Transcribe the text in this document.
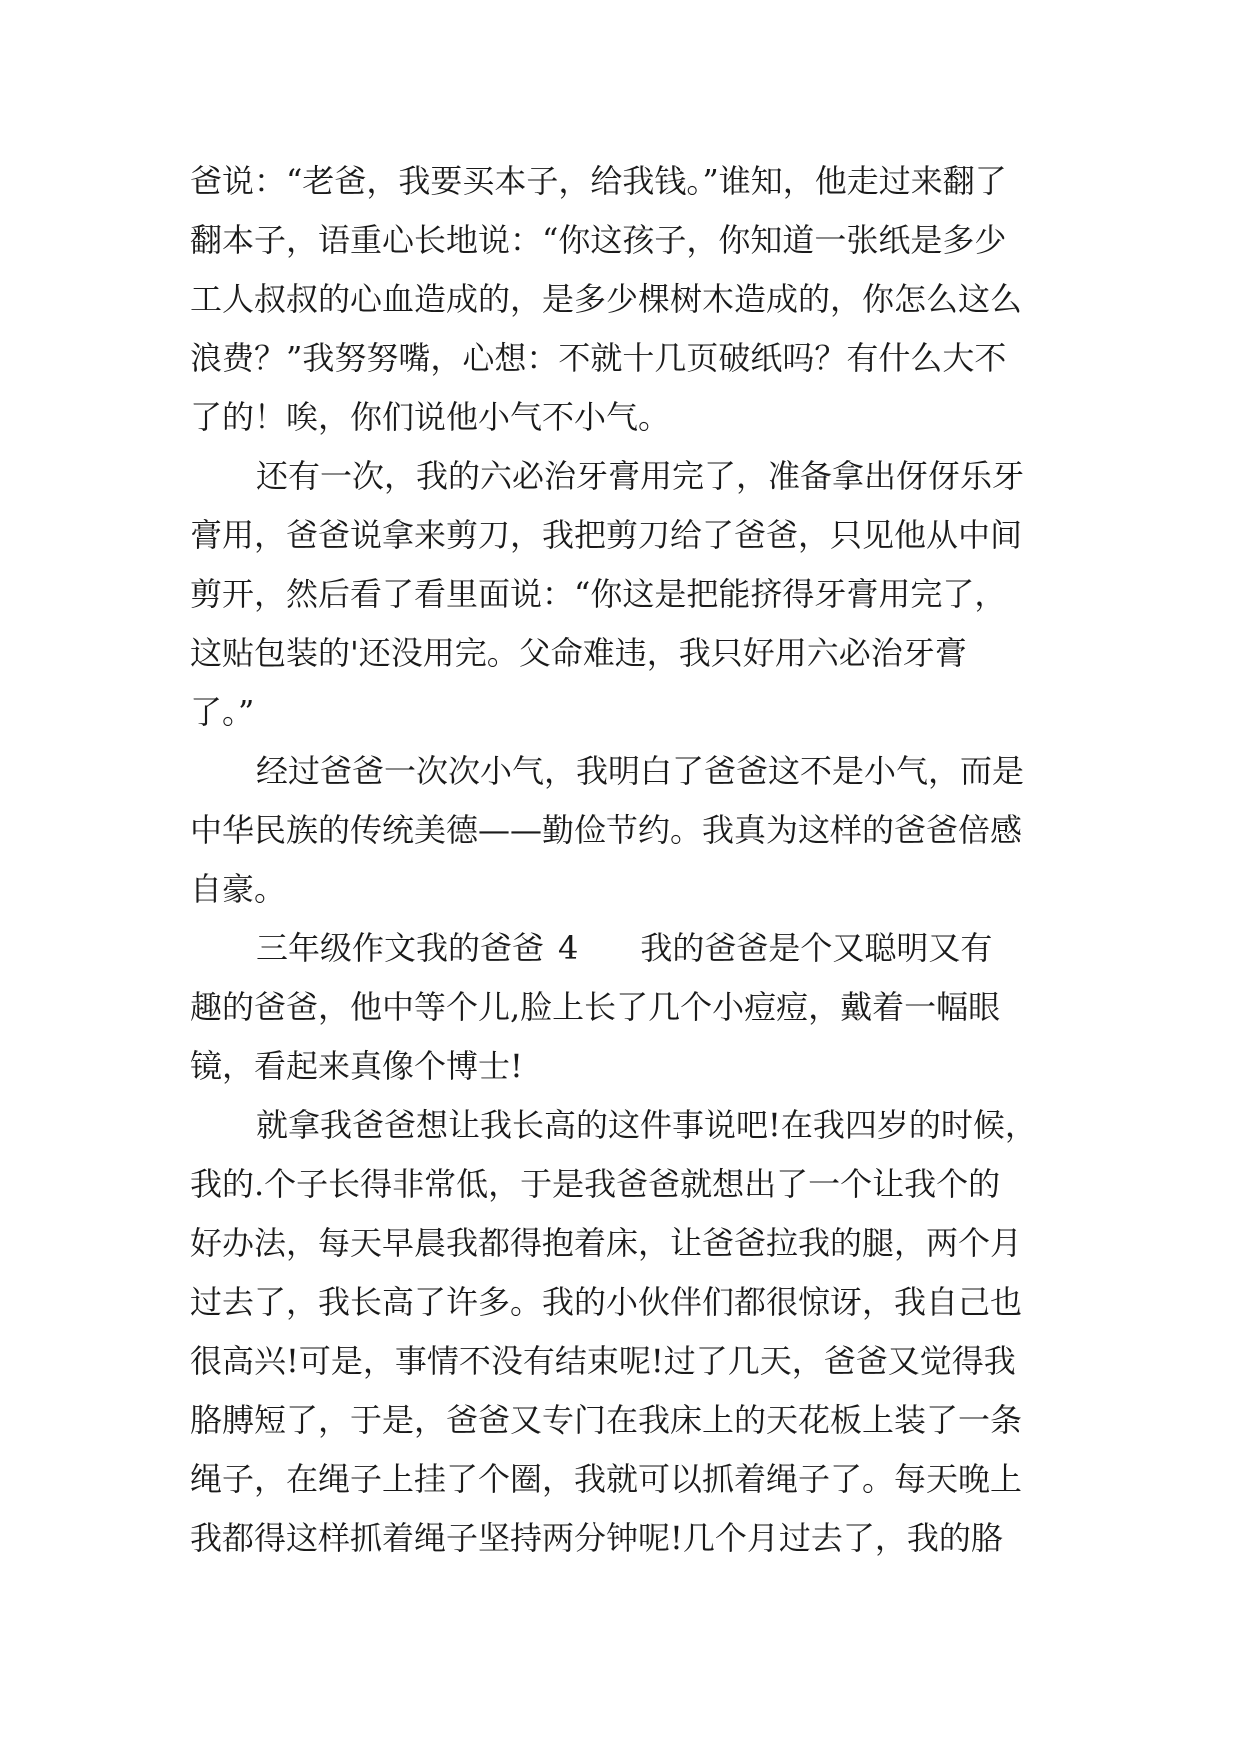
爸说：“老爸，我要买本子，给我钱。”谁知，他走过来翻了
翻本子，语重心长地说：“你这孩子，你知道一张纸是多少
工人叔叔的心血造成的，是多少棵树木造成的，你怎么这么
浪费？”我努努嘴，心想：不就十几页破纸吗？有什么大不
了的！唉，你们说他小气不小气。
还有一次，我的六必治牙膏用完了，准备拿出伢伢乐牙
膏用，爸爸说拿来剪刀，我把剪刀给了爸爸，只见他从中间
剪开，然后看了看里面说：“你这是把能挤得牙膏用完了，
这贴包装的'还没用完。父命难违，我只好用六必治牙膏
了。”
经过爸爸一次次小气，我明白了爸爸这不是小气，而是
中华民族的传统美德——勤俭节约。我真为这样的爸爸倍感
自豪。
三年级作文我的爸爸 4 我的爸爸是个又聪明又有
趣的爸爸，他中等个儿,脸上长了几个小痘痘，戴着一幅眼
镜，看起来真像个博士!
就拿我爸爸想让我长高的这件事说吧!在我四岁的时候，
我的.个子长得非常低，于是我爸爸就想出了一个让我个的
好办法，每天早晨我都得抱着床，让爸爸拉我的腿，两个月
过去了，我长高了许多。我的小伙伴们都很惊讶，我自己也
很高兴!可是，事情不没有结束呢!过了几天，爸爸又觉得我
胳膊短了，于是，爸爸又专门在我床上的天花板上装了一条
绳子，在绳子上挂了个圈，我就可以抓着绳子了。每天晚上
我都得这样抓着绳子坚持两分钟呢!几个月过去了，我的胳
